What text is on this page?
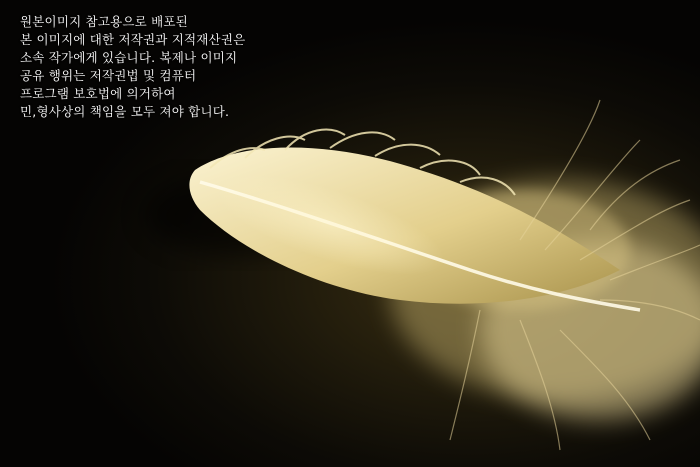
원본이미지 참고용으로 배포된
본 이미지에 대한 저작권과 지적재산권은
소속 작가에게 있습니다. 복제나 이미지
공유 행위는 저작권법 및 컴퓨터
프로그램 보호법에 의거하여
민,형사상의 책임을 모두 져야 합니다.
